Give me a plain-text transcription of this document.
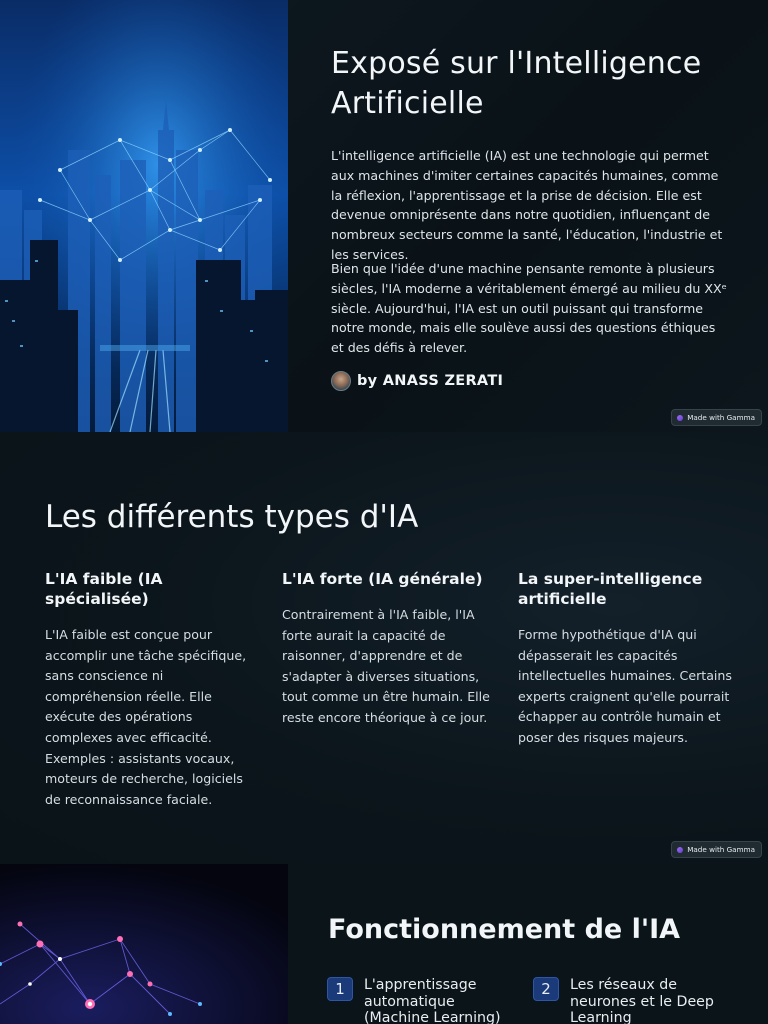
Exposé sur l'Intelligence Artificielle

L'intelligence artificielle (IA) est une technologie qui permet aux machines d'imiter certaines capacités humaines, comme la réflexion, l'apprentissage et la prise de décision. Elle est devenue omniprésente dans notre quotidien, influençant de nombreux secteurs comme la santé, l'éducation, l'industrie et les services.

Bien que l'idée d'une machine pensante remonte à plusieurs siècles, l'IA moderne a véritablement émergé au milieu du XXᵉ siècle. Aujourd'hui, l'IA est un outil puissant qui transforme notre monde, mais elle soulève aussi des questions éthiques et des défis à relever.

by ANASS ZERATI
Made with Gamma
Les différents types d'IA
L'IA faible (IA spécialisée)

L'IA faible est conçue pour accomplir une tâche spécifique, sans conscience ni compréhension réelle. Elle exécute des opérations complexes avec efficacité. Exemples : assistants vocaux, moteurs de recherche, logiciels de reconnaissance faciale.

L'IA forte (IA générale)

Contrairement à l'IA faible, l'IA forte aurait la capacité de raisonner, d'apprendre et de s'adapter à diverses situations, tout comme un être humain. Elle reste encore théorique à ce jour.

La super-intelligence artificielle

Forme hypothétique d'IA qui dépasserait les capacités intellectuelles humaines. Certains experts craignent qu'elle pourrait échapper au contrôle humain et poser des risques majeurs.

Made with Gamma
Fonctionnement de l'IA
1	L'apprentissage automatique (Machine Learning)
2	Les réseaux de neurones et le Deep Learning
